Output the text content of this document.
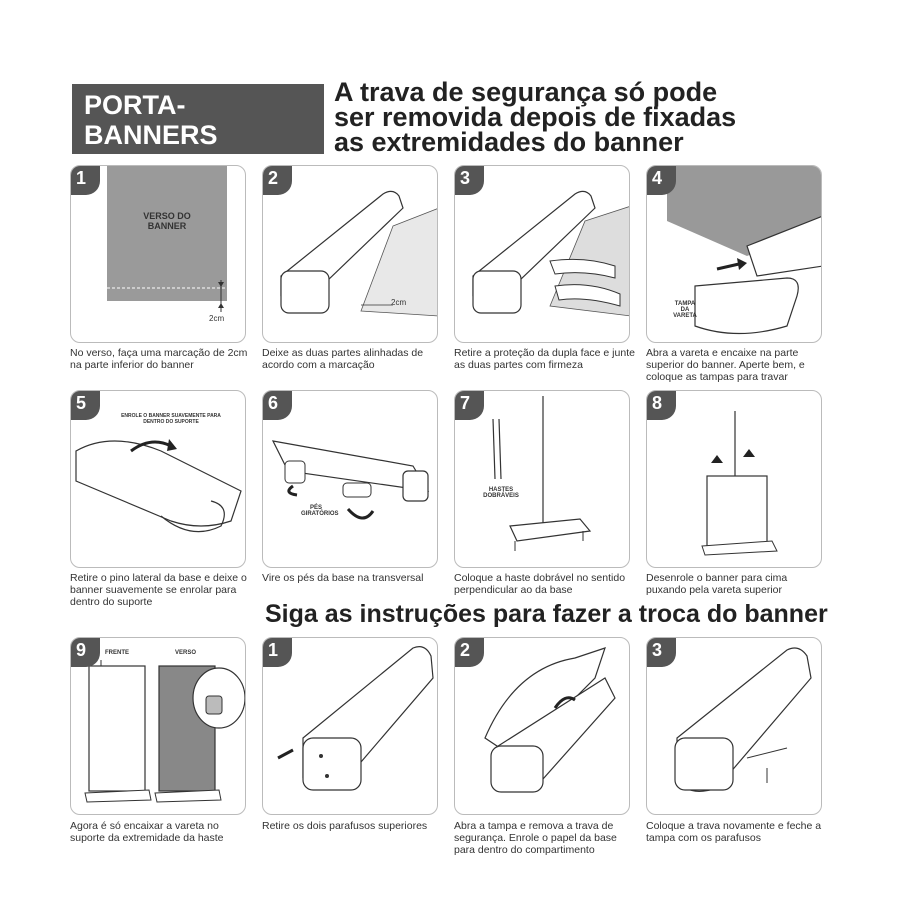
PORTA-BANNERS
A trava de segurança só pode
ser removida depois de fixadas
as extremidades do banner
VERSO DO BANNER
2cm
1
No verso, faça uma marcação de 2cm na parte inferior do banner
2cm
2
Deixe as duas partes alinhadas de acordo com a marcação
3
Retire a proteção da dupla face e junte as duas partes com firmeza
TAMPA DA VARETA
4
Abra a vareta e encaixe na parte superior do banner. Aperte bem, e coloque as tampas para travar
ENROLE O BANNER SUAVEMENTE PARA DENTRO DO SUPORTE
5
Retire o pino lateral da base e deixe o banner suavemente se enrolar para dentro do suporte
PÉS GIRATÓRIOS
6
Vire os pés da base na transversal
HASTES DOBRÁVEIS
7
Coloque a haste dobrável no sentido perpendicular ao da base
8
Desenrole o banner para cima puxando pela vareta superior
Siga as instruções para fazer a troca do banner
FRENTE	VERSO
9
Agora é só encaixar a vareta no suporte da extremidade da haste
1
Retire os dois parafusos superiores
2
Abra a tampa e remova a trava de segurança. Enrole o papel da base para dentro do compartimento
3
Coloque a trava novamente e feche a tampa com os parafusos
